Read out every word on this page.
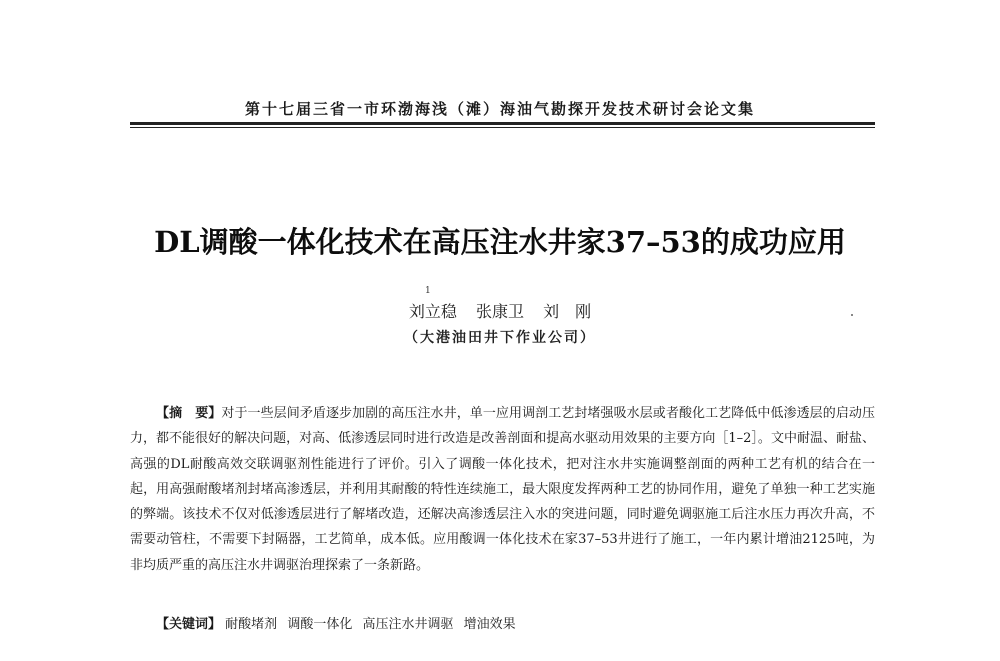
第十七届三省一市环渤海浅（滩）海油气勘探开发技术研讨会论文集
DL调酸一体化技术在高压注水井家37–53的成功应用
1
刘立稳 张康卫 刘　刚
（大港油田井下作业公司）
【摘　要】对于一些层间矛盾逐步加剧的高压注水井，单一应用调剖工艺封堵强吸水层或者酸化工艺降低中低渗透层的启动压力，都不能很好的解决问题，对高、低渗透层同时进行改造是改善剖面和提高水驱动用效果的主要方向［1–2］。文中耐温、耐盐、高强的DL耐酸高效交联调驱剂性能进行了评价。引入了调酸一体化技术，把对注水井实施调整剖面的两种工艺有机的结合在一起，用高强耐酸堵剂封堵高渗透层，并利用其耐酸的特性连续施工，最大限度发挥两种工艺的协同作用，避免了单独一种工艺实施的弊端。该技术不仅对低渗透层进行了解堵改造，还解决高渗透层注入水的突进问题，同时避免调驱施工后注水压力再次升高，不需要动管柱，不需要下封隔器，工艺简单，成本低。应用酸调一体化技术在家37–53井进行了施工，一年内累计增油2125吨，为非均质严重的高压注水井调驱治理探索了一条新路。
【关键词】 耐酸堵剂 调酸一体化 高压注水井调驱 增油效果
